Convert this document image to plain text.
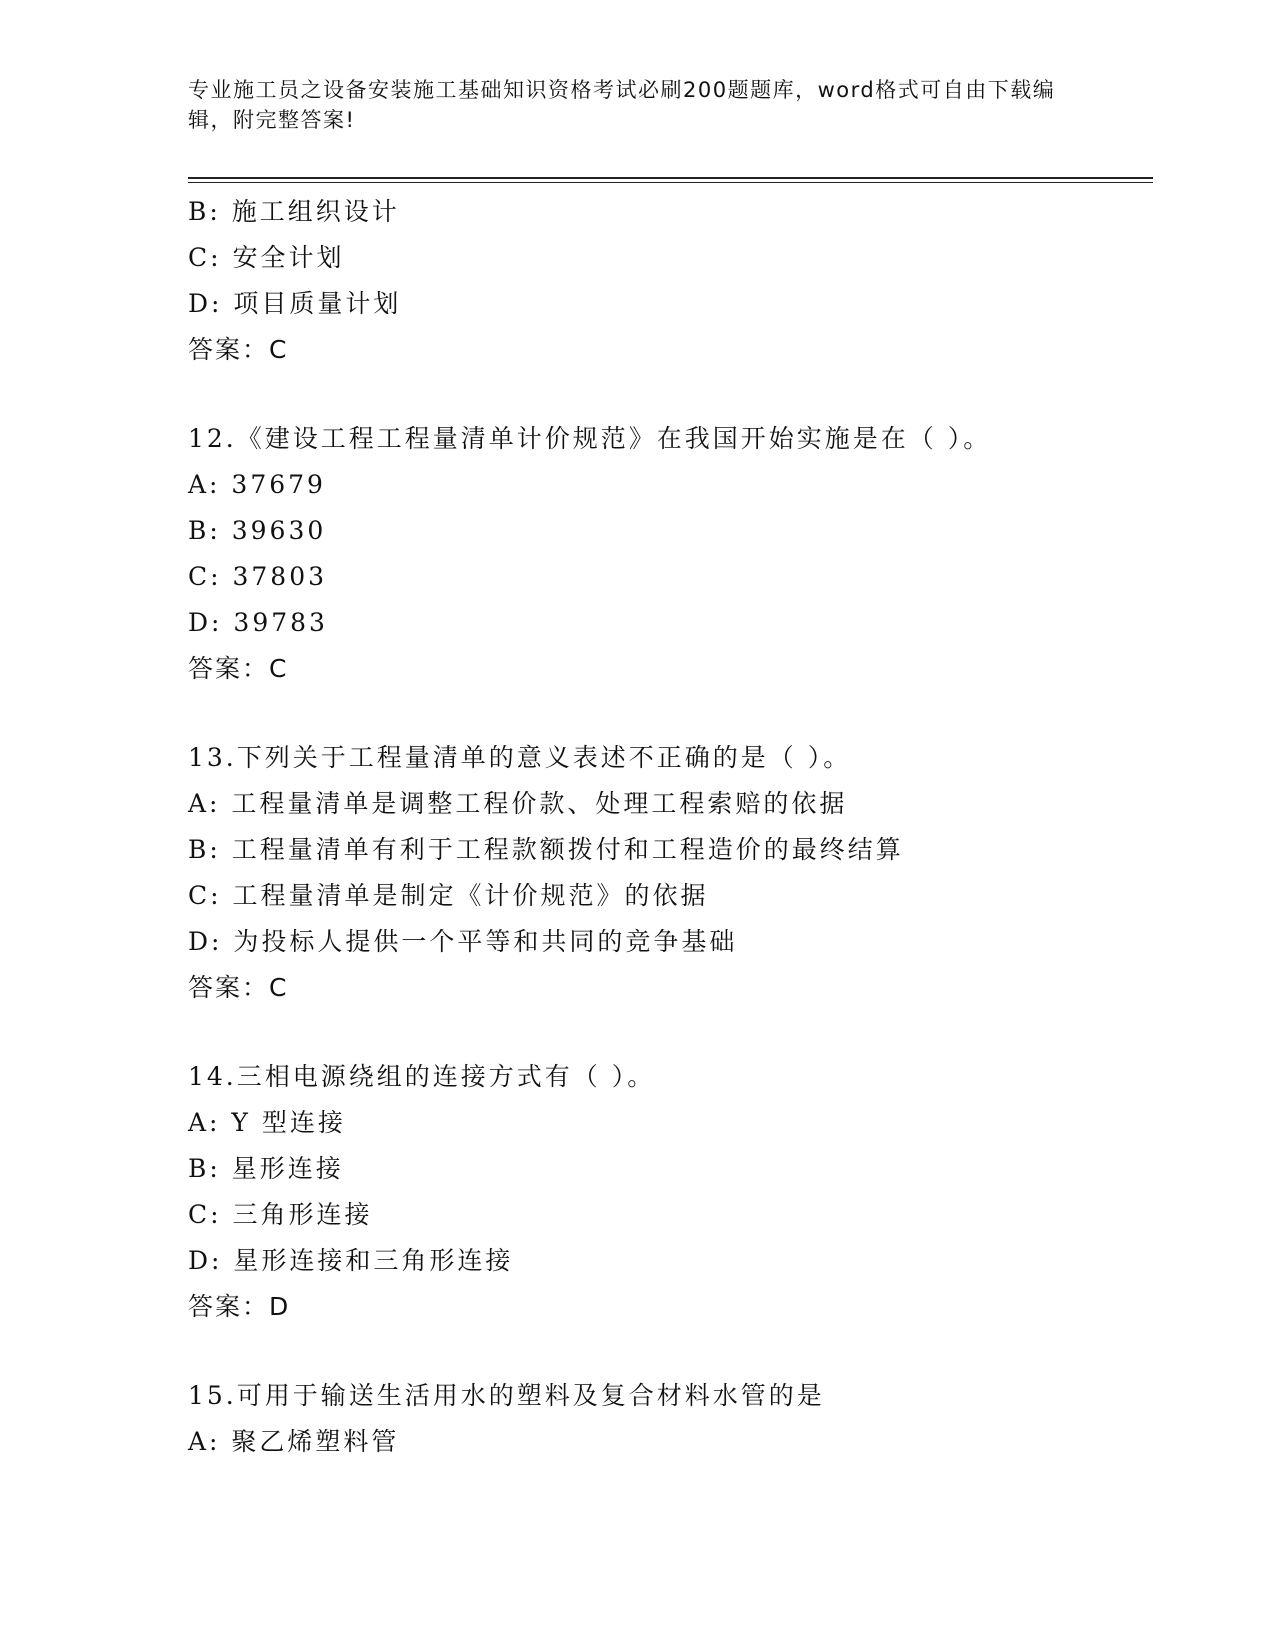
专业施工员之设备安装施工基础知识资格考试必刷200题题库，word格式可自由下载编辑，附完整答案!
B: 施工组织设计
C: 安全计划
D: 项目质量计划
答案：C
12.《建设工程工程量清单计价规范》在我国开始实施是在（ ）。
A: 37679
B: 39630
C: 37803
D: 39783
答案：C
13.下列关于工程量清单的意义表述不正确的是（ ）。
A: 工程量清单是调整工程价款、处理工程索赔的依据
B: 工程量清单有利于工程款额拨付和工程造价的最终结算
C: 工程量清单是制定《计价规范》的依据
D: 为投标人提供一个平等和共同的竞争基础
答案：C
14.三相电源绕组的连接方式有（ ）。
A: Y 型连接
B: 星形连接
C: 三角形连接
D: 星形连接和三角形连接
答案：D
15.可用于输送生活用水的塑料及复合材料水管的是
A: 聚乙烯塑料管
